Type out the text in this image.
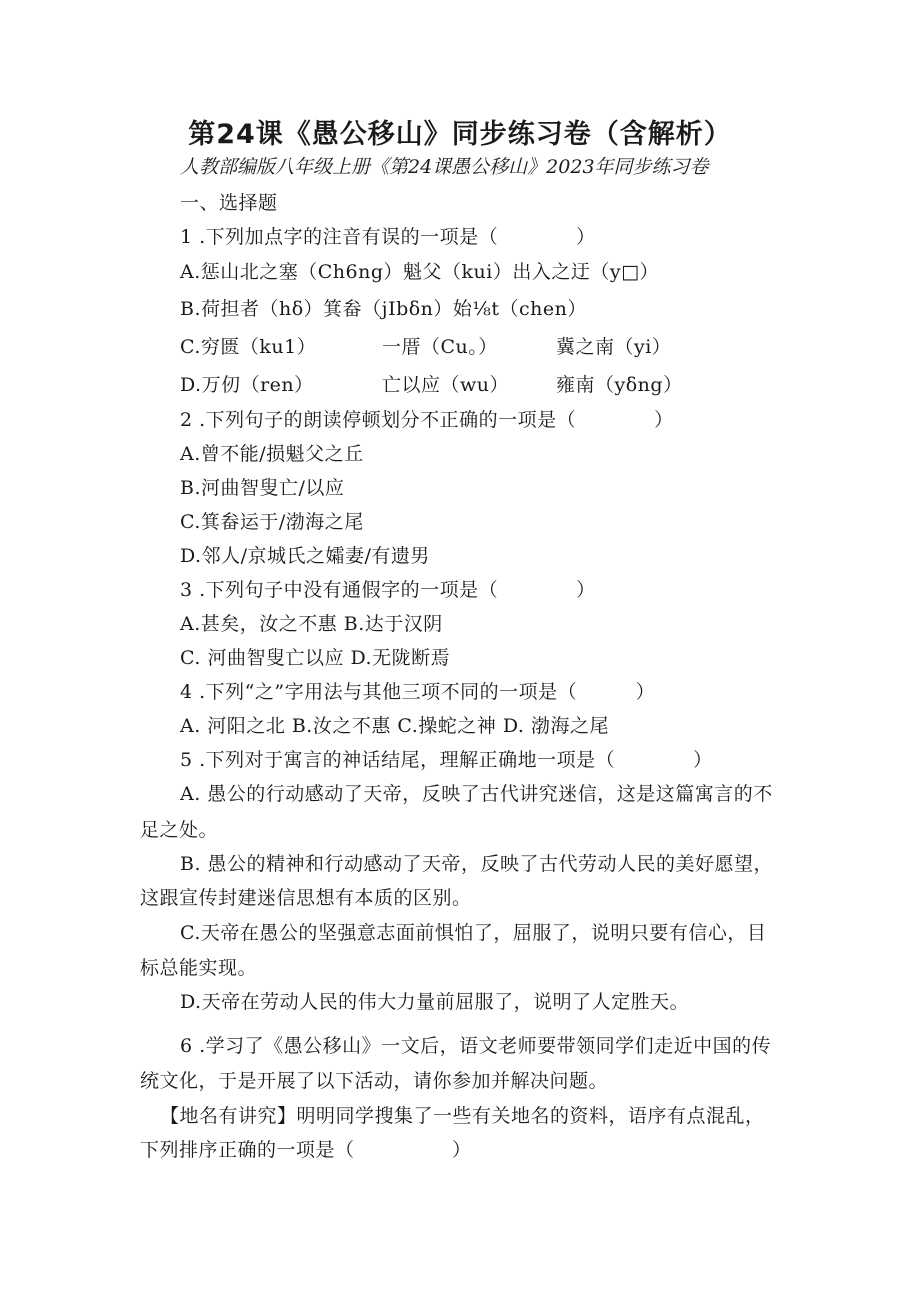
第24课《愚公移山》同步练习卷（含解析）
人教部编版八年级上册《第24课愚公移山》2023年同步练习卷
一、选择题
1 .下列加点字的注音有误的一项是（　　　　）
A.惩山北之塞（Ch6ng）魁父（kui）出入之迂（y□）
B.荷担者（hδ）箕畚（jIbδn）始⅛t（chen）
C.穷匮（ku1）	一厝（Cu。）	冀之南（yi）
D.万仞（ren）	亡以应（wu） 雍南（yδng）
2 .下列句子的朗读停顿划分不正确的一项是（　　　　）
A.曾不能/损魁父之丘
B.河曲智叟亡/以应
C.箕畚运于/渤海之尾
D.邻人/京城氏之孀妻/有遗男
3 .下列句子中没有通假字的一项是（　　　　）
A.甚矣，汝之不惠 B.达于汉阴
C. 河曲智叟亡以应 D.无陇断焉
4 .下列“之”字用法与其他三项不同的一项是（　　　）
A. 河阳之北 B.汝之不惠 C.操蛇之神 D. 渤海之尾
5 .下列对于寓言的神话结尾，理解正确地一项是（　　　　）
A. 愚公的行动感动了天帝，反映了古代讲究迷信，这是这篇寓言的不
足之处。
B. 愚公的精神和行动感动了天帝，反映了古代劳动人民的美好愿望，
这跟宣传封建迷信思想有本质的区别。
C.天帝在愚公的坚强意志面前惧怕了，屈服了，说明只要有信心，目
标总能实现。
D.天帝在劳动人民的伟大力量前屈服了，说明了人定胜天。
6 .学习了《愚公移山》一文后，语文老师要带领同学们走近中国的传
统文化，于是开展了以下活动，请你参加并解决问题。
【地名有讲究】明明同学搜集了一些有关地名的资料，语序有点混乱，
下列排序正确的一项是（　　　　　）
